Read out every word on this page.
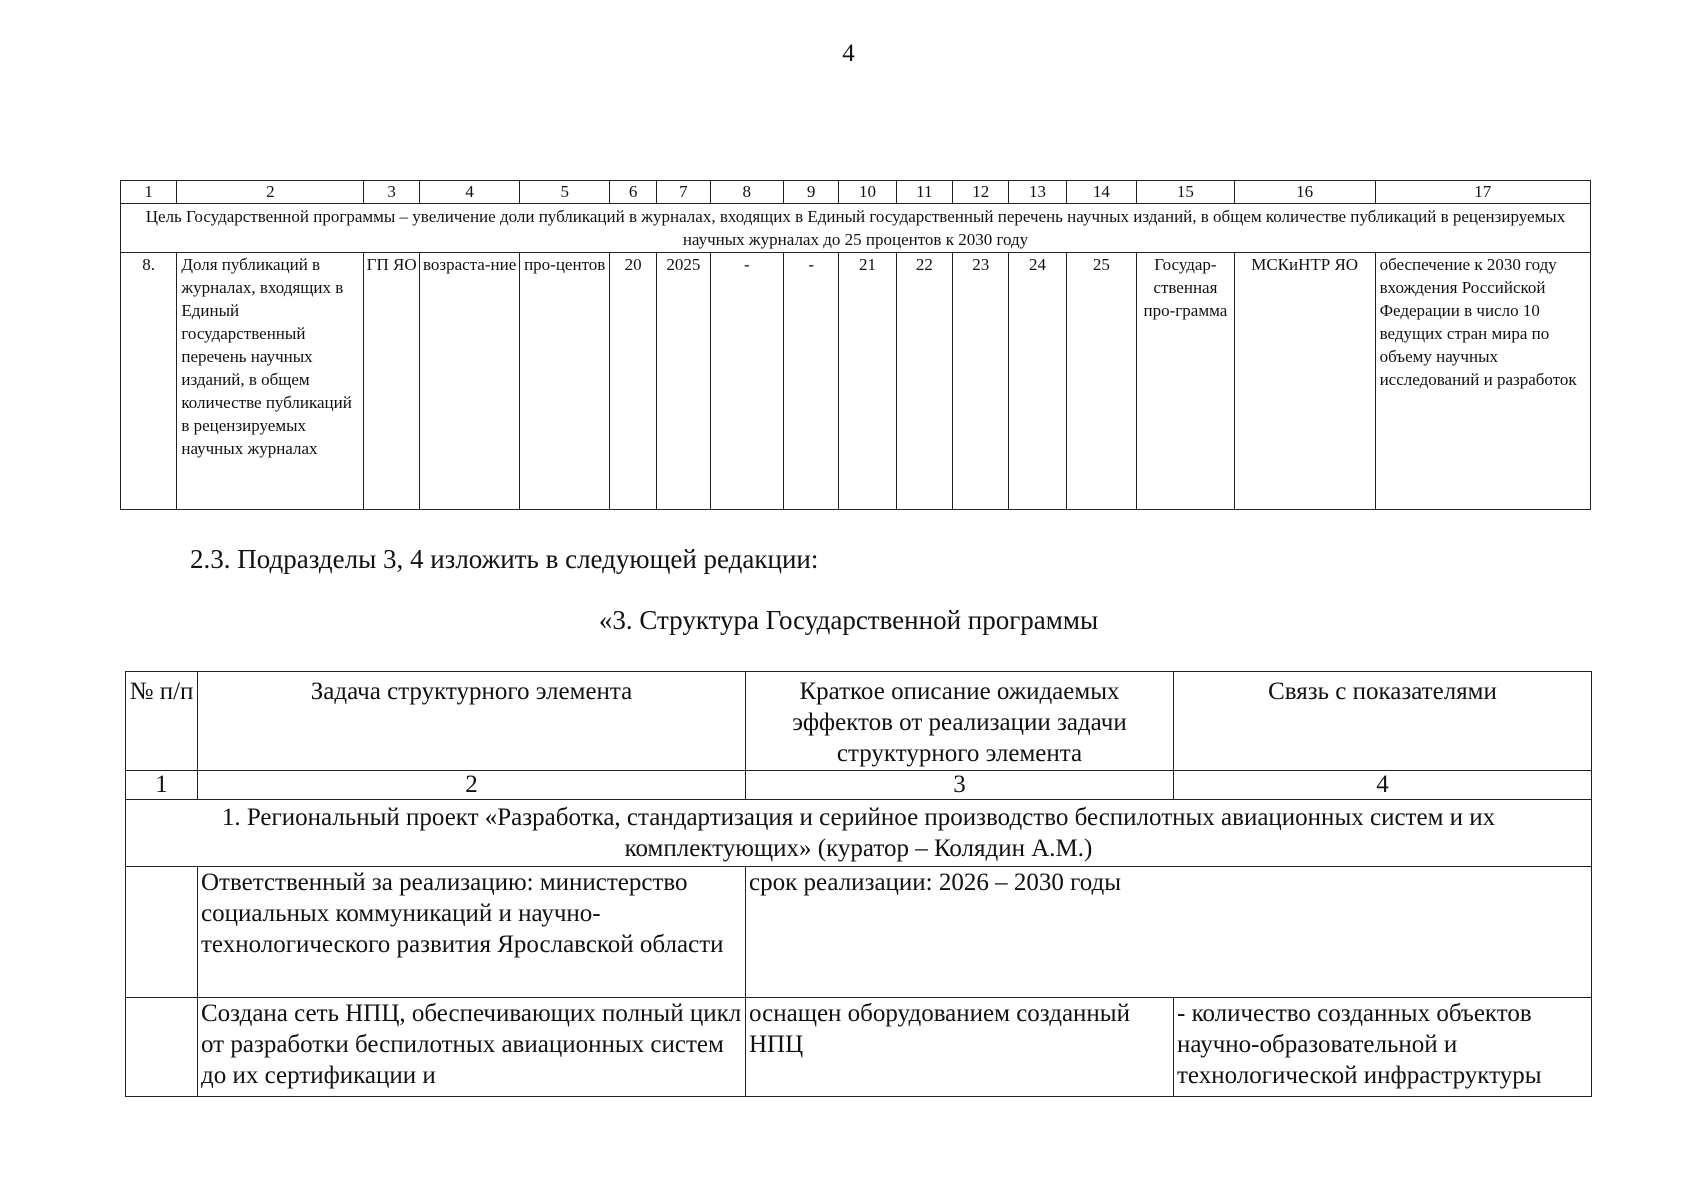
4
1	2	3	4	5	6	7	8	9	10	11	12	13	14	15	16	17
Цель Государственной программы – увеличение доли публикаций в журналах, входящих в Единый государственный перечень научных изданий, в общем количестве публикаций в рецензируемых научных журналах до 25 процентов к 2030 году																
8.	Доля публикаций в журналах, входящих в Единый государственный перечень научных изданий, в общем количестве публикаций в рецензируемых научных журналах	ГП ЯО	возраста-ние	про-центов	20	2025	-	-	21	22	23	24	25	Государ-ственная про-грамма	МСКиНТР ЯО	обеспечение к 2030 году вхождения Российской Федерации в число 10 ведущих стран мира по объему научных исследований и разработок
2.3. Подразделы 3, 4 изложить в следующей редакции:
«3. Структура Государственной программы
№ п/п	Задача структурного элемента	Краткое описание ожидаемых эффектов от реализации задачи структурного элемента	Связь с показателями
1	2	3	4
1. Региональный проект «Разработка, стандартизация и серийное производство беспилотных авиационных систем и их комплектующих» (куратор – Колядин А.М.)			
	Ответственный за реализацию: министерство социальных коммуникаций и научно-технологического развития Ярославской области	срок реализации: 2026 – 2030 годы	
	Создана сеть НПЦ, обеспечивающих полный цикл от разработки беспилотных авиационных систем до их сертификации и	оснащен оборудованием созданный НПЦ	- количество созданных объектов научно-образовательной и технологической инфраструктуры
